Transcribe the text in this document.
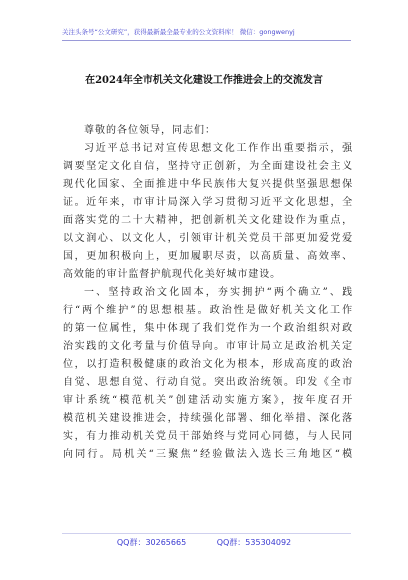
关注头条号“公文研究”，获得最新最全最专业的公文资料库！ 微信：gongwenyj
在2024年全市机关文化建设工作推进会上的交流发言
尊敬的各位领导，同志们：
习近平总书记对宣传思想文化工作作出重要指示，强
调要坚定文化自信，坚持守正创新，为全面建设社会主义
现代化国家、全面推进中华民族伟大复兴提供坚强思想保
证。近年来，市审计局深入学习贯彻习近平文化思想，全
面落实党的二十大精神，把创新机关文化建设作为重点，
以文润心、以文化人，引领审计机关党员干部更加爱党爱
国，更加积极向上，更加履职尽责，以高质量、高效率、
高效能的审计监督护航现代化美好城市建设。
一、坚持政治文化固本，夯实拥护“两个确立”、践
行“两个维护”的思想根基。政治性是做好机关文化工作
的第一位属性，集中体现了我们党作为一个政治组织对政
治实践的文化考量与价值导向。市审计局立足政治机关定
位，以打造积极健康的政治文化为根本，形成高度的政治
自觉、思想自觉、行动自觉。突出政治统领。印发《全市
审计系统“模范机关”创建活动实施方案》，按年度召开
模范机关建设推进会，持续强化部署、细化举措、深化落
实，有力推动机关党员干部始终与党同心同德，与人民同
向同行。局机关“三聚焦”经验做法入选长三角地区“模
QQ群：30265665	QQ群：535304092
